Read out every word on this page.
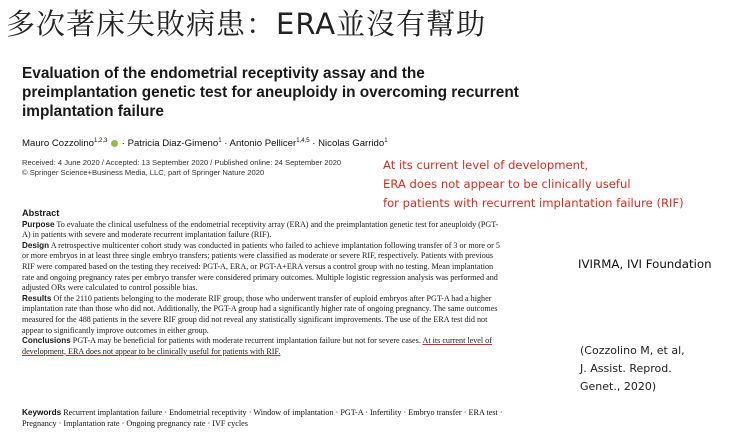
多次著床失敗病患：ERA並沒有幫助
Evaluation of the endometrial receptivity assay and the preimplantation genetic test for aneuploidy in overcoming recurrent implantation failure
Mauro Cozzolino$^{1,2,3}$  · Patricia Diaz-Gimeno$^1$ · Antonio Pellicer$^{1,4,5}$ · Nicolas Garrido$^1$
Received: 4 June 2020 / Accepted: 13 September 2020 / Published online: 24 September 2020
© Springer Science+Business Media, LLC, part of Springer Nature 2020
At its current level of development,
ERA does not appear to be clinically useful
for patients with recurrent implantation failure (RIF)
Abstract

Purpose To evaluate the clinical usefulness of the endometrial receptivity array (ERA) and the preimplantation genetic test for aneuploidy (PGT-A) in patients with severe and moderate recurrent implantation failure (RIF).

Design A retrospective multicenter cohort study was conducted in patients who failed to achieve implantation following transfer of 3 or more or 5 or more embryos in at least three single embryo transfers; patients were classified as moderate or severe RIF, respectively. Patients with previous RIF were compared based on the testing they received: PGT-A, ERA, or PGT-A+ERA versus a control group with no testing. Mean implantation rate and ongoing pregnancy rates per embryo transfer were considered primary outcomes. Multiple logistic regression analysis was performed and adjusted ORs were calculated to control possible bias.

Results Of the 2110 patients belonging to the moderate RIF group, those who underwent transfer of euploid embryos after PGT-A had a higher implantation rate than those who did not. Additionally, the PGT-A group had a significantly higher rate of ongoing pregnancy. The same outcomes measured for the 488 patients in the severe RIF group did not reveal any statistically significant improvements. The use of the ERA test did not appear to significantly improve outcomes in either group.

Conclusions PGT-A may be beneficial for patients with moderate recurrent implantation failure but not for severe cases. At its current level of development, ERA does not appear to be clinically useful for patients with RIF.

Keywords Recurrent implantation failure · Endometrial receptivity · Window of implantation · PGT-A · Infertility · Embryo transfer · ERA test · Pregnancy · Implantation rate · Ongoing pregnancy rate · IVF cycles
IVIRMA, IVI Foundation
(Cozzolino M, et al,
J. Assist. Reprod.
Genet., 2020)
